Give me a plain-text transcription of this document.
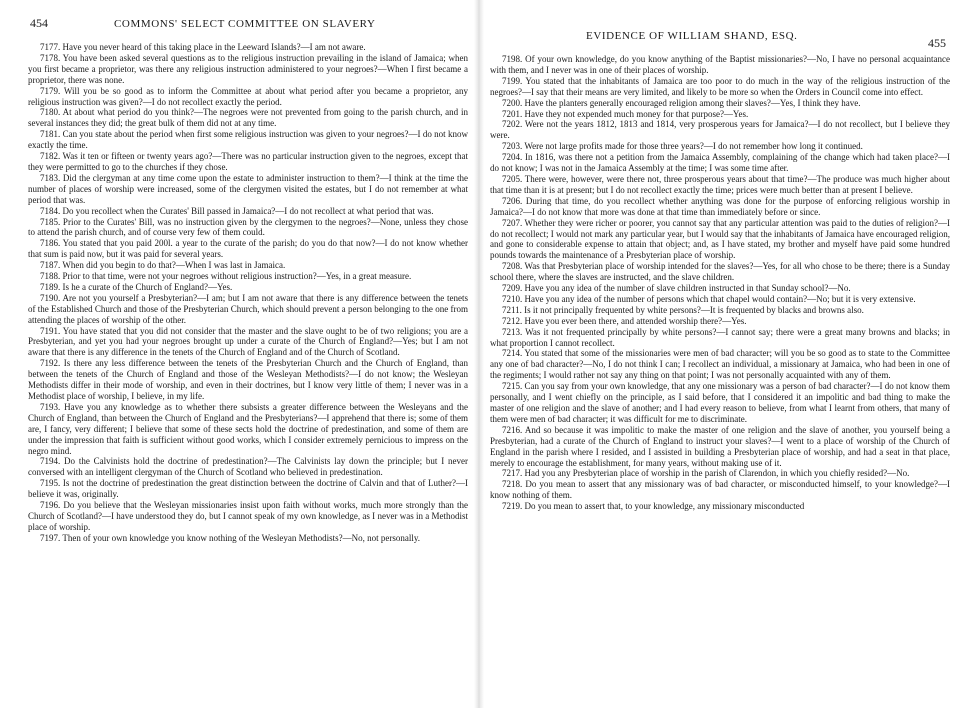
454	COMMONS' SELECT COMMITTEE ON SLAVERY

7177. Have you never heard of this taking place in the Leeward Islands?—I am not aware.

7178. You have been asked several questions as to the religious instruction prevailing in the island of Jamaica; when you first became a proprietor, was there any religious instruction administered to your negroes?—When I first became a proprietor, there was none.

7179. Will you be so good as to inform the Committee at about what period after you became a proprietor, any religious instruction was given?—I do not recollect exactly the period.

7180. At about what period do you think?—The negroes were not prevented from going to the parish church, and in several instances they did; the great bulk of them did not at any time.

7181. Can you state about the period when first some religious instruction was given to your negroes?—I do not know exactly the time.

7182. Was it ten or fifteen or twenty years ago?—There was no particular instruction given to the negroes, except that they were permitted to go to the churches if they chose.

7183. Did the clergyman at any time come upon the estate to administer instruction to them?—I think at the time the number of places of worship were increased, some of the clergymen visited the estates, but I do not remember at what period that was.

7184. Do you recollect when the Curates' Bill passed in Jamaica?—I do not recollect at what period that was.

7185. Prior to the Curates' Bill, was no instruction given by the clergymen to the negroes?—None, unless they chose to attend the parish church, and of course very few of them could.

7186. You stated that you paid 200l. a year to the curate of the parish; do you do that now?—I do not know whether that sum is paid now, but it was paid for several years.

7187. When did you begin to do that?—When I was last in Jamaica.

7188. Prior to that time, were not your negroes without religious instruction?—Yes, in a great measure.

7189. Is he a curate of the Church of England?—Yes.

7190. Are not you yourself a Presbyterian?—I am; but I am not aware that there is any difference between the tenets of the Established Church and those of the Presbyterian Church, which should prevent a person belonging to the one from attending the places of worship of the other.

7191. You have stated that you did not consider that the master and the slave ought to be of two religions; you are a Presbyterian, and yet you had your negroes brought up under a curate of the Church of England?—Yes; but I am not aware that there is any difference in the tenets of the Church of England and of the Church of Scotland.

7192. Is there any less difference between the tenets of the Presbyterian Church and the Church of England, than between the tenets of the Church of England and those of the Wesleyan Methodists?—I do not know; the Wesleyan Methodists differ in their mode of worship, and even in their doctrines, but I know very little of them; I never was in a Methodist place of worship, I believe, in my life.

7193. Have you any knowledge as to whether there subsists a greater difference between the Wesleyans and the Church of England, than between the Church of England and the Presbyterians?—I apprehend that there is; some of them are, I fancy, very different; I believe that some of these sects hold the doctrine of predestination, and some of them are under the impression that faith is sufficient without good works, which I consider extremely pernicious to impress on the negro mind.

7194. Do the Calvinists hold the doctrine of predestination?—The Calvinists lay down the principle; but I never conversed with an intelligent clergyman of the Church of Scotland who believed in predestination.

7195. Is not the doctrine of predestination the great distinction between the doctrine of Calvin and that of Luther?—I believe it was, originally.

7196. Do you believe that the Wesleyan missionaries insist upon faith without works, much more strongly than the Church of Scotland?—I have understood they do, but I cannot speak of my own knowledge, as I never was in a Methodist place of worship.

7197. Then of your own knowledge you know nothing of the Wesleyan Methodists?—No, not personally.

EVIDENCE OF WILLIAM SHAND, ESQ.	455

7198. Of your own knowledge, do you know anything of the Baptist missionaries?—No, I have no personal acquaintance with them, and I never was in one of their places of worship.

7199. You stated that the inhabitants of Jamaica are too poor to do much in the way of the religious instruction of the negroes?—I say that their means are very limited, and likely to be more so when the Orders in Council come into effect.

7200. Have the planters generally encouraged religion among their slaves?—Yes, I think they have.

7201. Have they not expended much money for that purpose?—Yes.

7202. Were not the years 1812, 1813 and 1814, very prosperous years for Jamaica?—I do not recollect, but I believe they were.

7203. Were not large profits made for those three years?—I do not remember how long it continued.

7204. In 1816, was there not a petition from the Jamaica Assembly, complaining of the change which had taken place?—I do not know; I was not in the Jamaica Assembly at the time; I was some time after.

7205. There were, however, were there not, three prosperous years about that time?—The produce was much higher about that time than it is at present; but I do not recollect exactly the time; prices were much better than at present I believe.

7206. During that time, do you recollect whether anything was done for the purpose of enforcing religious worship in Jamaica?—I do not know that more was done at that time than immediately before or since.

7207. Whether they were richer or poorer, you cannot say that any particular attention was paid to the duties of religion?—I do not recollect; I would not mark any particular year, but I would say that the inhabitants of Jamaica have encouraged religion, and gone to considerable expense to attain that object; and, as I have stated, my brother and myself have paid some hundred pounds towards the maintenance of a Presbyterian place of worship.

7208. Was that Presbyterian place of worship intended for the slaves?—Yes, for all who chose to be there; there is a Sunday school there, where the slaves are instructed, and the slave children.

7209. Have you any idea of the number of slave children instructed in that Sunday school?—No.

7210. Have you any idea of the number of persons which that chapel would contain?—No; but it is very extensive.

7211. Is it not principally frequented by white persons?—It is frequented by blacks and browns also.

7212. Have you ever been there, and attended worship there?—Yes.

7213. Was it not frequented principally by white persons?—I cannot say; there were a great many browns and blacks; in what proportion I cannot recollect.

7214. You stated that some of the missionaries were men of bad character; will you be so good as to state to the Committee any one of bad character?—No, I do not think I can; I recollect an individual, a missionary at Jamaica, who had been in one of the regiments; I would rather not say any thing on that point; I was not personally acquainted with any of them.

7215. Can you say from your own knowledge, that any one missionary was a person of bad character?—I do not know them personally, and I went chiefly on the principle, as I said before, that I considered it an impolitic and bad thing to make the master of one religion and the slave of another; and I had every reason to believe, from what I learnt from others, that many of them were men of bad character; it was difficult for me to discriminate.

7216. And so because it was impolitic to make the master of one religion and the slave of another, you yourself being a Presbyterian, had a curate of the Church of England to instruct your slaves?—I went to a place of worship of the Church of England in the parish where I resided, and I assisted in building a Presbyterian place of worship, and had a seat in that place, merely to encourage the establishment, for many years, without making use of it.

7217. Had you any Presbyterian place of worship in the parish of Clarendon, in which you chiefly resided?—No.

7218. Do you mean to assert that any missionary was of bad character, or misconducted himself, to your knowledge?—I know nothing of them.

7219. Do you mean to assert that, to your knowledge, any missionary misconducted
